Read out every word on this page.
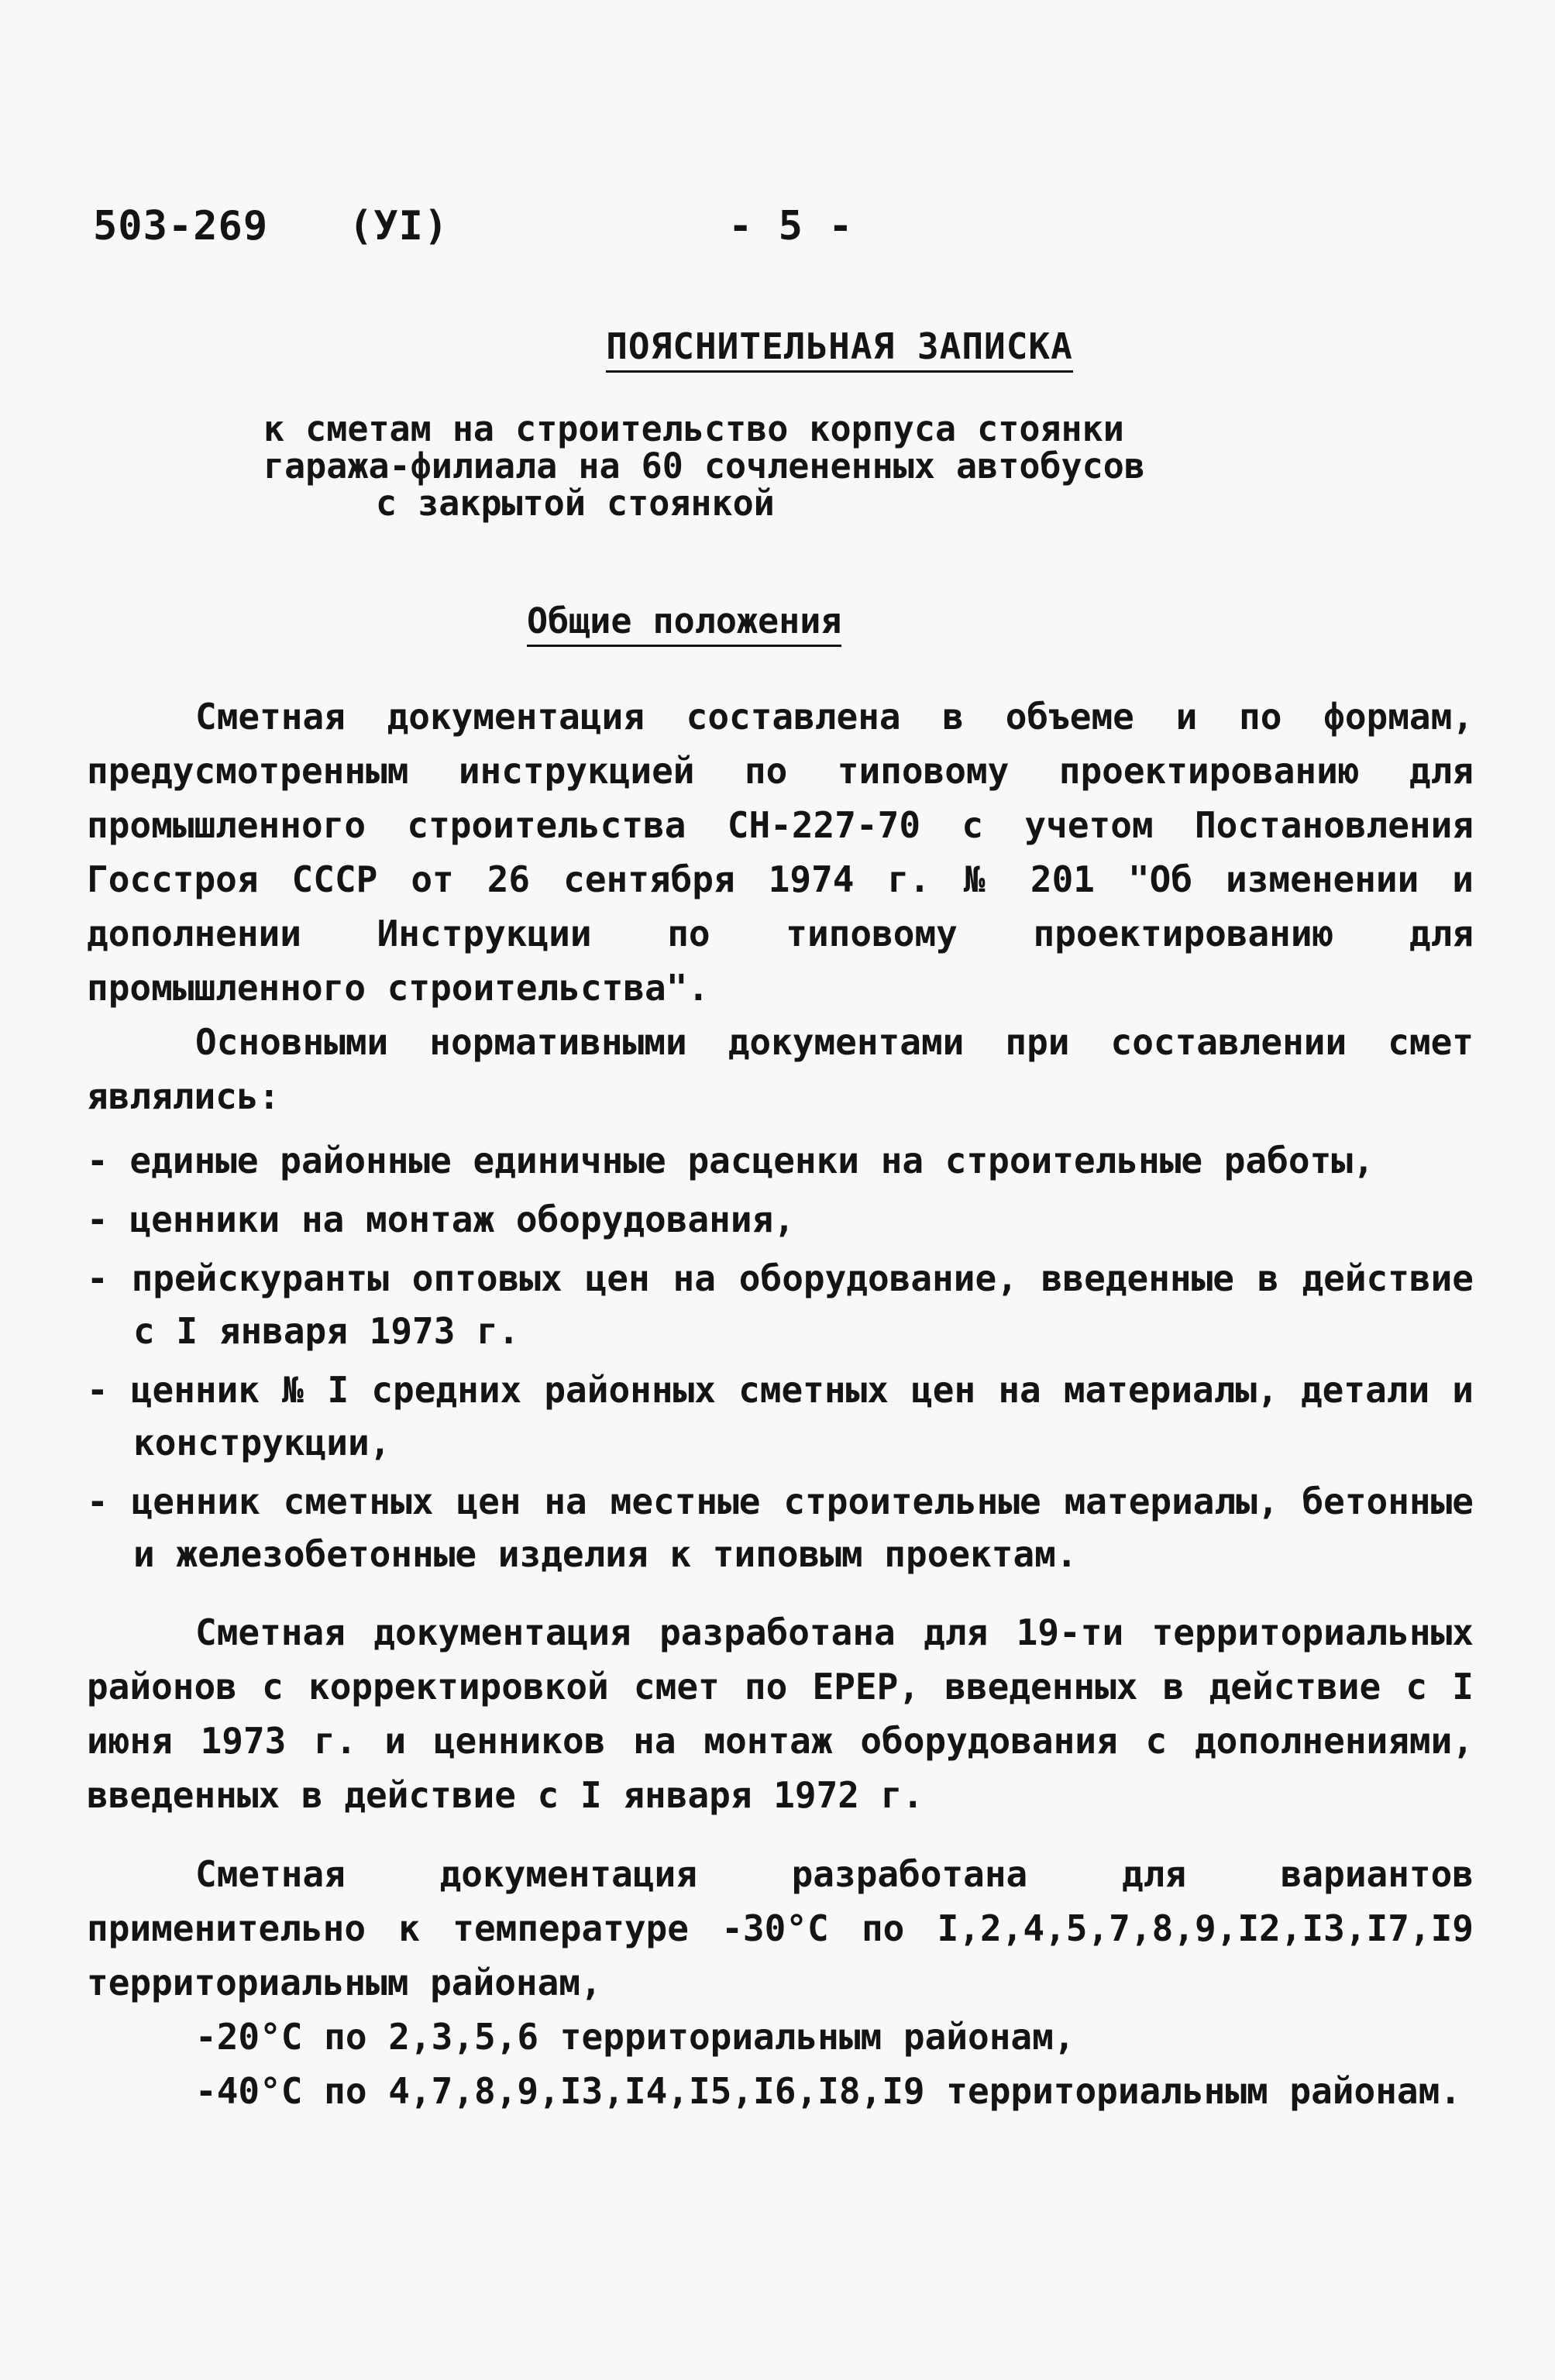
503-269 (УI)	- 5 -
ПОЯСНИТЕЛЬНАЯ ЗАПИСКА
к сметам на строительство корпуса стоянки
гаража-филиала на 60 сочлененных автобусов
с закрытой стоянкой
Общие положения

Сметная документация составлена в объеме и по формам, предусмотренным инструкцией по типовому проектированию для промышленного строительства СН-227-70 с учетом Постановления Госстроя СССР от 26 сентября 1974 г. № 201 "Об изменении и дополнении Инструкции по типовому проектированию для промышленного строительства".

Основными нормативными документами при составлении смет являлись:

- единые районные единичные расценки на строительные работы,

- ценники на монтаж оборудования,

- прейскуранты оптовых цен на оборудование, введенные в действие с I января 1973 г.

- ценник № I средних районных сметных цен на материалы, детали и конструкции,

- ценник сметных цен на местные строительные материалы, бетонные и железобетонные изделия к типовым проектам.

Сметная документация разработана для 19-ти территориальных районов с корректировкой смет по ЕРЕР, введенных в действие с I июня 1973 г. и ценников на монтаж оборудования с дополнениями, введенных в действие с I января 1972 г.

Сметная документация разработана для вариантов применительно к температуре -30°С по I,2,4,5,7,8,9,I2,I3,I7,I9 территориальным районам,

-20°С по 2,3,5,6 территориальным районам,

-40°С по 4,7,8,9,I3,I4,I5,I6,I8,I9 территориальным районам.
